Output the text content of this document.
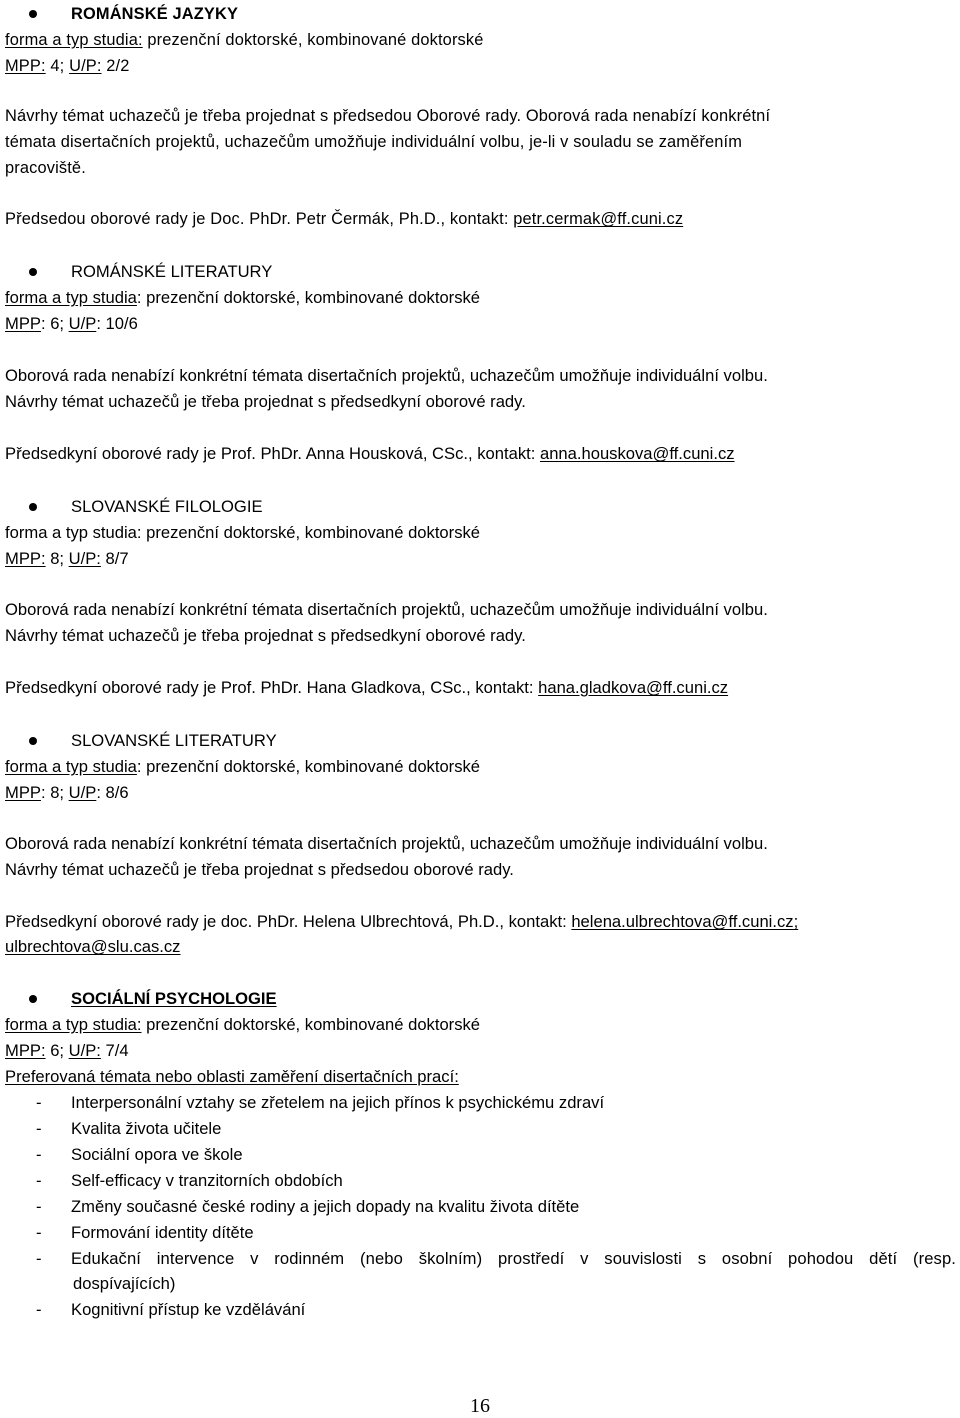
ROMÁNSKÉ JAZYKY
forma a typ studia: prezenční doktorské, kombinované doktorské
MPP: 4; U/P: 2/2
Návrhy témat uchazečů je třeba projednat s předsedou Oborové rady. Oborová rada nenabízí konkrétní
témata disertačních projektů, uchazečům umožňuje individuální volbu, je-li v souladu se zaměřením
pracoviště.
Předsedou oborové rady je Doc. PhDr. Petr Čermák, Ph.D., kontakt: petr.cermak@ff.cuni.cz
ROMÁNSKÉ LITERATURY
forma a typ studia: prezenční doktorské, kombinované doktorské
MPP: 6; U/P: 10/6
Oborová rada nenabízí konkrétní témata disertačních projektů, uchazečům umožňuje individuální volbu.
Návrhy témat uchazečů je třeba projednat s předsedkyní oborové rady.
Předsedkyní oborové rady je Prof. PhDr. Anna Housková, CSc., kontakt: anna.houskova@ff.cuni.cz
SLOVANSKÉ FILOLOGIE
forma a typ studia: prezenční doktorské, kombinované doktorské
MPP: 8; U/P: 8/7
Oborová rada nenabízí konkrétní témata disertačních projektů, uchazečům umožňuje individuální volbu.
Návrhy témat uchazečů je třeba projednat s předsedkyní oborové rady.
Předsedkyní oborové rady je Prof. PhDr. Hana Gladkova, CSc., kontakt: hana.gladkova@ff.cuni.cz
SLOVANSKÉ LITERATURY
forma a typ studia: prezenční doktorské, kombinované doktorské
MPP: 8; U/P: 8/6
Oborová rada nenabízí konkrétní témata disertačních projektů, uchazečům umožňuje individuální volbu.
Návrhy témat uchazečů je třeba projednat s předsedou oborové rady.
Předsedkyní oborové rady je doc. PhDr. Helena Ulbrechtová, Ph.D., kontakt: helena.ulbrechtova@ff.cuni.cz;
ulbrechtova@slu.cas.cz
SOCIÁLNÍ PSYCHOLOGIE
forma a typ studia: prezenční doktorské, kombinované doktorské
MPP: 6; U/P: 7/4
Preferovaná témata nebo oblasti zaměření disertačních prací:
- Interpersonální vztahy se zřetelem na jejich přínos k psychickému zdraví
- Kvalita života učitele
- Sociální opora ve škole
- Self-efficacy v tranzitorních obdobích
- Změny současné české rodiny a jejich dopady na kvalitu života dítěte
- Formování identity dítěte
- Edukační intervence v rodinném (nebo školním) prostředí v souvislosti s osobní pohodou dětí (resp.
dospívajících)
- Kognitivní přístup ke vzdělávání
16
